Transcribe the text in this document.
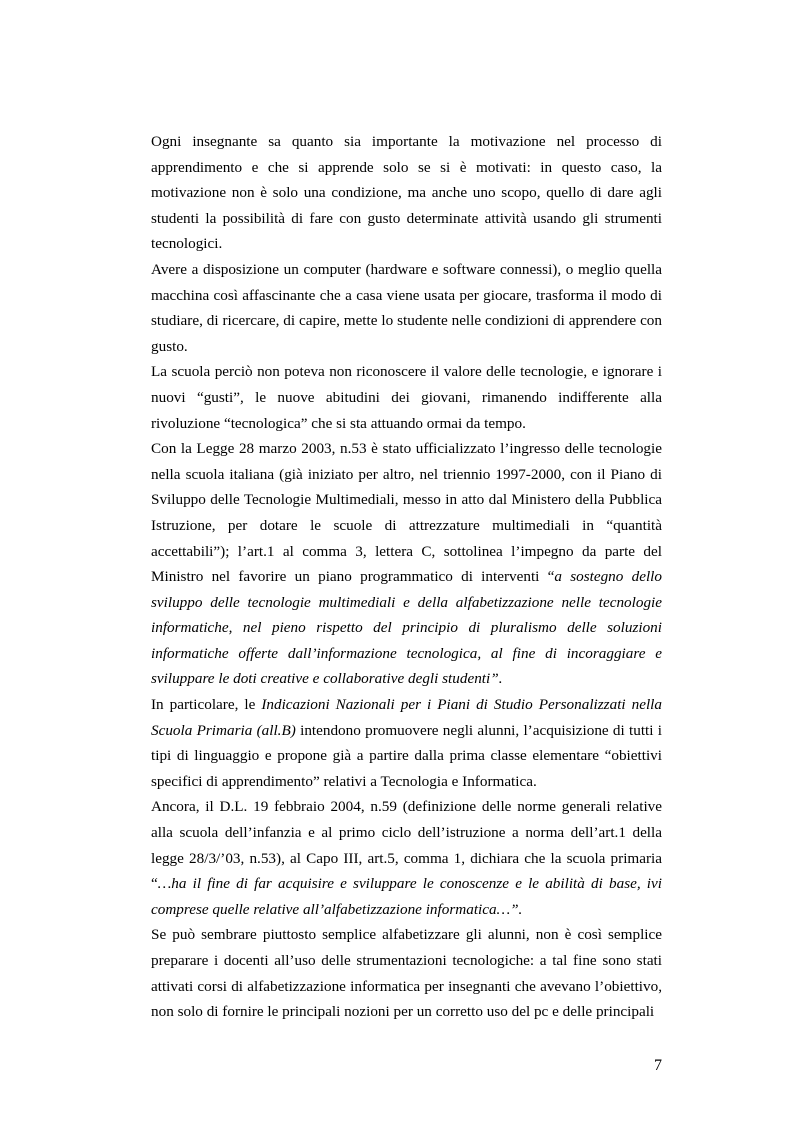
Ogni insegnante sa quanto sia importante la motivazione nel processo di apprendimento e che si apprende solo se si è motivati: in questo caso, la motivazione non è solo una condizione, ma anche uno scopo, quello di dare agli studenti la possibilità di fare con gusto determinate attività usando gli strumenti tecnologici.

Avere a disposizione un computer (hardware e software connessi), o meglio quella macchina così affascinante che a casa viene usata per giocare, trasforma il modo di studiare, di ricercare, di capire, mette lo studente nelle condizioni di apprendere con gusto.

La scuola perciò non poteva non riconoscere il valore delle tecnologie, e ignorare i nuovi “gusti”, le nuove abitudini dei giovani, rimanendo indifferente alla rivoluzione “tecnologica” che si sta attuando ormai da tempo.

Con la Legge 28 marzo 2003, n.53 è stato ufficializzato l’ingresso delle tecnologie nella scuola italiana (già iniziato per altro, nel triennio 1997-2000, con il Piano di Sviluppo delle Tecnologie Multimediali, messo in atto dal Ministero della Pubblica Istruzione, per dotare le scuole di attrezzature multimediali in “quantità accettabili”); l’art.1 al comma 3, lettera C, sottolinea l’impegno da parte del Ministro nel favorire un piano programmatico di interventi “a sostegno dello sviluppo delle tecnologie multimediali e della alfabetizzazione nelle tecnologie informatiche, nel pieno rispetto del principio di pluralismo delle soluzioni informatiche offerte dall’informazione tecnologica, al fine di incoraggiare e sviluppare le doti creative e collaborative degli studenti”.

In particolare, le Indicazioni Nazionali per i Piani di Studio Personalizzati nella Scuola Primaria (all.B) intendono promuovere negli alunni, l’acquisizione di tutti i tipi di linguaggio e propone già a partire dalla prima classe elementare “obiettivi specifici di apprendimento” relativi a Tecnologia e Informatica.

Ancora, il D.L. 19 febbraio 2004, n.59 (definizione delle norme generali relative alla scuola dell’infanzia e al primo ciclo dell’istruzione a norma dell’art.1 della legge 28/3/’03, n.53), al Capo III, art.5, comma 1, dichiara che la scuola primaria “…ha il fine di far acquisire e sviluppare le conoscenze e le abilità di base, ivi comprese quelle relative all’alfabetizzazione informatica…”.

Se può sembrare piuttosto semplice alfabetizzare gli alunni, non è così semplice preparare i docenti all’uso delle strumentazioni tecnologiche: a tal fine sono stati attivati corsi di alfabetizzazione informatica per insegnanti che avevano l’obiettivo, non solo di fornire le principali nozioni per un corretto uso del pc e delle principali

7
